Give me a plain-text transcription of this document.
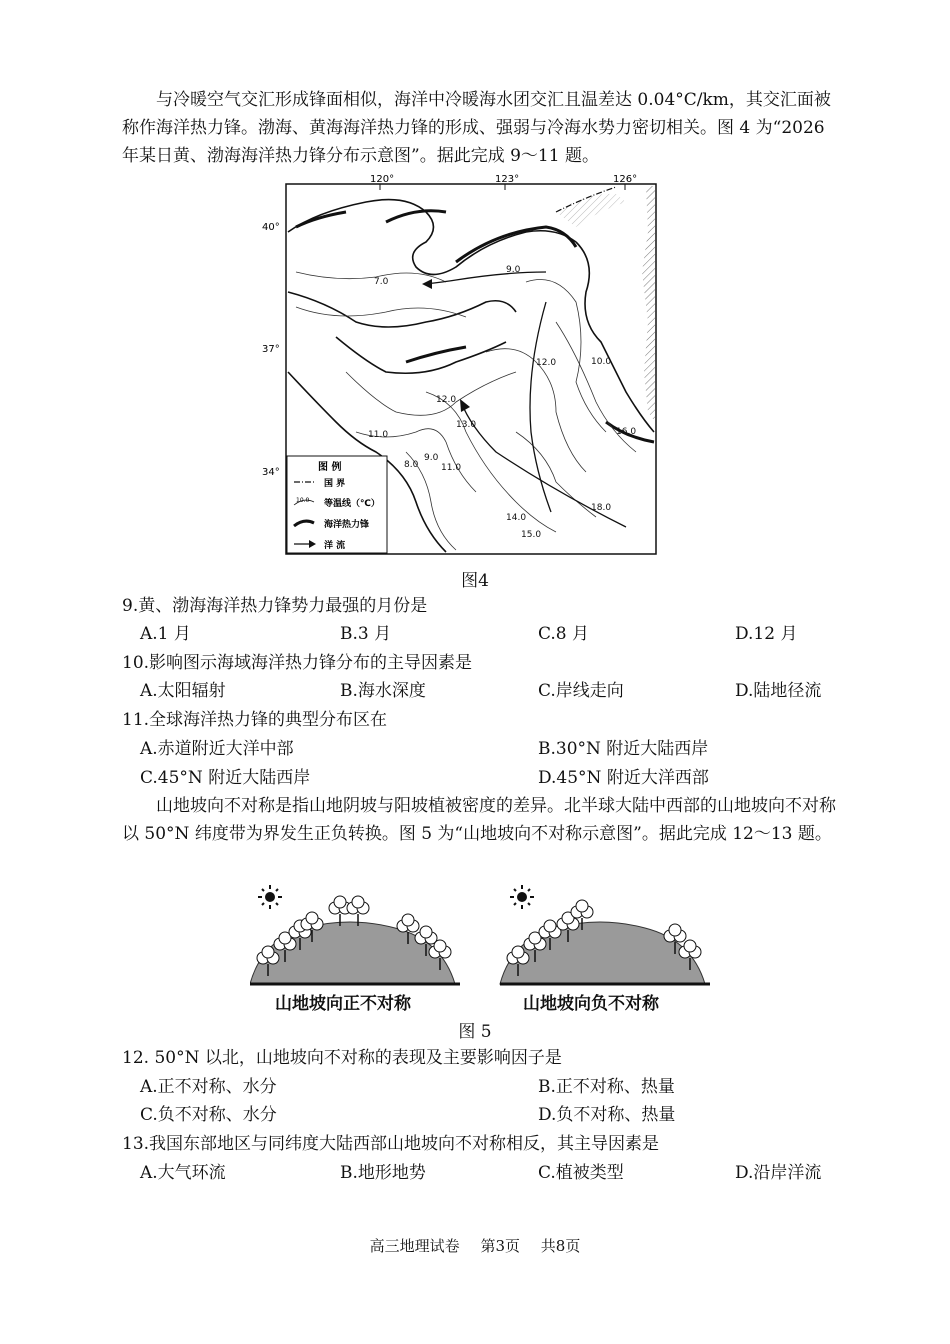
与冷暖空气交汇形成锋面相似，海洋中冷暖海水团交汇且温差达 0.04°C/km，其交汇面被称作海洋热力锋。渤海、黄海海洋热力锋的形成、强弱与冷海水势力密切相关。图 4 为“2026 年某日黄、渤海海洋热力锋分布示意图”。据此完成 9～11 题。
120°	123°	126°
40°
37°
34°
7.0
9.0
10.0
11.0
12.0
12.0
13.0
14.0
15.0
16.0
18.0
8.0
9.0
11.0
图 例
国 界
10.0 等温线（℃）
海洋热力锋
洋 流
图4
9.黄、渤海海洋热力锋势力最强的月份是
A.1 月	B.3 月	C.8 月	D.12 月
10.影响图示海域海洋热力锋分布的主导因素是
A.太阳辐射	B.海水深度	C.岸线走向	D.陆地径流
11.全球海洋热力锋的典型分布区在
A.赤道附近大洋中部	B.30°N 附近大陆西岸
C.45°N 附近大陆西岸	D.45°N 附近大洋西部
山地坡向不对称是指山地阴坡与阳坡植被密度的差异。北半球大陆中西部的山地坡向不对称以 50°N 纬度带为界发生正负转换。图 5 为“山地坡向不对称示意图”。据此完成 12～13 题。
山地坡向正不对称	山地坡向负不对称
图 5
12. 50°N 以北，山地坡向不对称的表现及主要影响因子是
A.正不对称、水分	B.正不对称、热量
C.负不对称、水分	D.负不对称、热量
13.我国东部地区与同纬度大陆西部山地坡向不对称相反，其主导因素是
A.大气环流	B.地形地势	C.植被类型	D.沿岸洋流
高三地理试卷 第3页 共8页
